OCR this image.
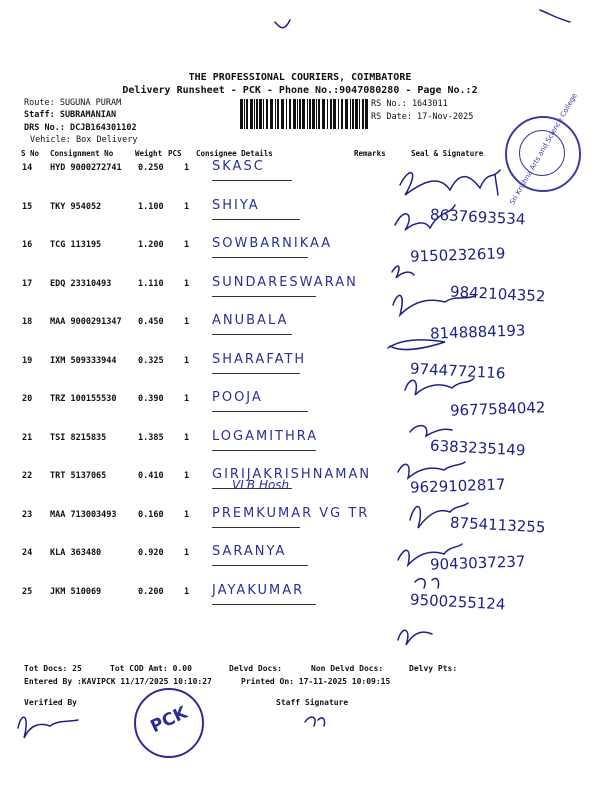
THE PROFESSIONAL COURIERS, COIMBATORE
Delivery Runsheet - PCK - Phone No.:9047080280 - Page No.:2
Route: SUGUNA PURAM
Staff: SUBRAMANIAN
DRS No.: DCJB164301102
Vehicle: Box Delivery
RS No.: 1643011
RS Date: 17-Nov-2025	Sri Krishna Arts and Science College
S No Consignment No	Weight PCS Consignee Details	Remarks	Seal & Signature
14 HYD 9000272741 0.250 1 SKASC
15 TKY 954052	1.100 1 SHIYA
8637693534
16 TCG 113195	1.200 1 SOWBARNIKAA
9150232619
17 EDQ 23310493	1.110 1 SUNDARESWARAN
9842104352
18 MAA 9000291347 0.450 1 ANUBALA
8148884193
19 IXM 509333944	0.325 1 SHARAFATH
9744772116
20 TRZ 100155530	0.390 1 POOJA
9677584042
21 TSI 8215835	1.385 1 LOGAMITHRA
6383235149
22 TRT 5137065	0.410 1 GIRIJAKRISHNAMAN
9629102817
23 MAA 713003493	0.160 1 PREMKUMAR VG TR
8754113255
24 KLA 363480	0.920 1 SARANYA
9043037237
25 JKM 510069	0.200 1 JAYAKUMAR
9500255124
VLB Hosh
PCK
Tot Docs: 25	Tot COD Amt: 0.00	Delvd Docs:	Non Delvd Docs:	Delvy Pts:
Entered By :KAVIPCK 11/17/2025 10:10:27	Printed On: 17-11-2025 10:09:15
Verified By	Staff Signature
